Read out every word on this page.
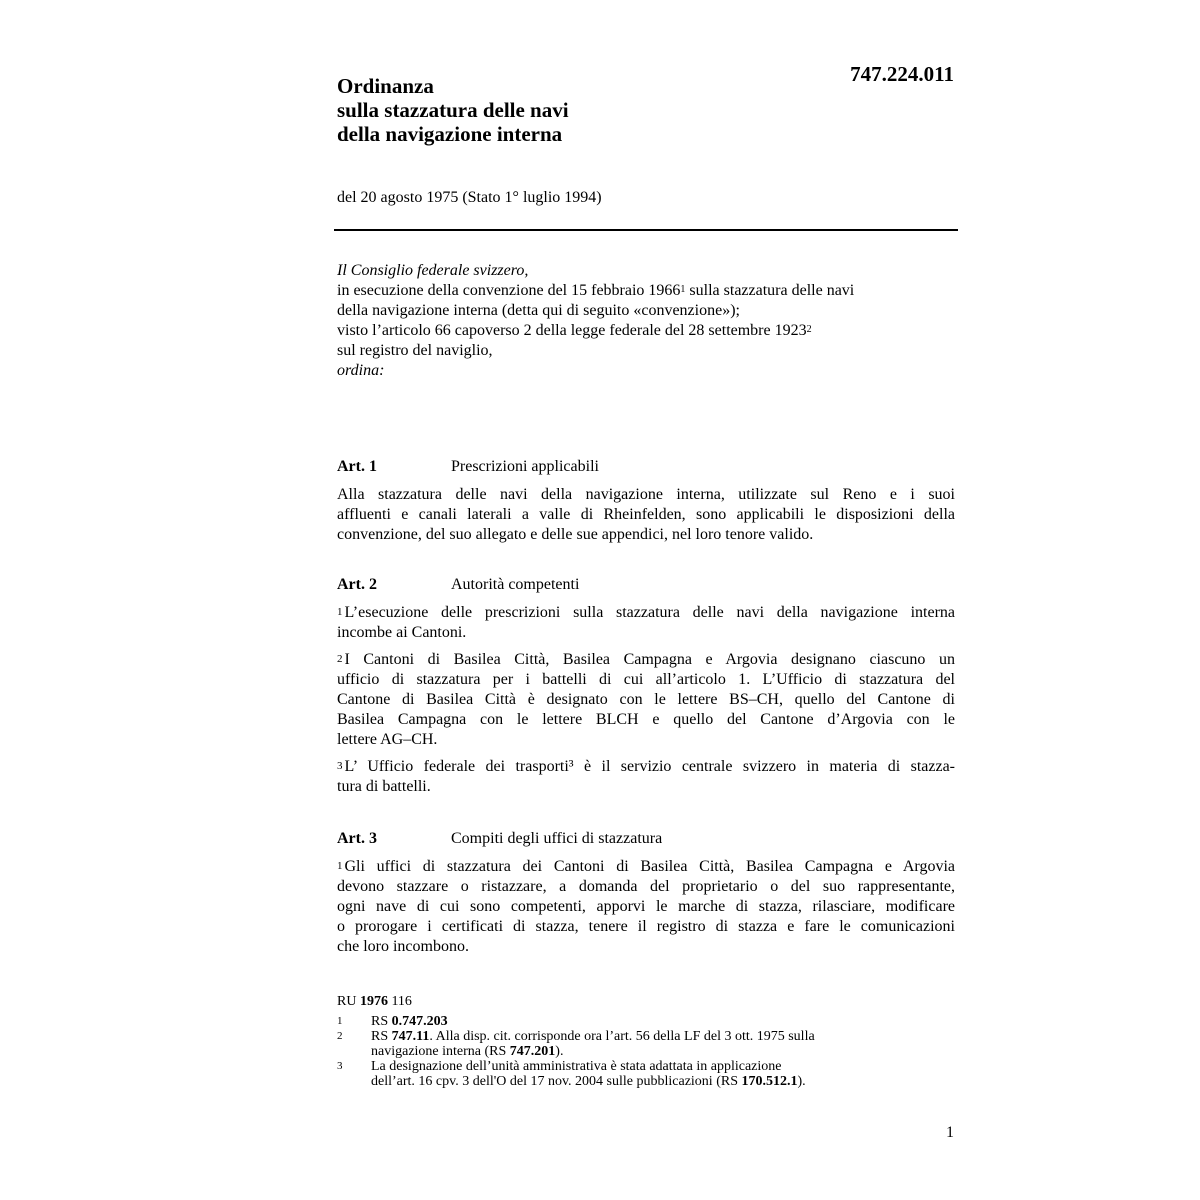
747.224.011
Ordinanza
sulla stazzatura delle navi
della navigazione interna
del 20 agosto 1975 (Stato 1° luglio 1994)
Il Consiglio federale svizzero,
in esecuzione della convenzione del 15 febbraio 1966$^1$ sulla stazzatura delle navi
della navigazione interna (detta qui di seguito «convenzione»);
visto l’articolo 66 capoverso 2 della legge federale del 28 settembre 1923$^2$
sul registro del naviglio,
ordina:
Art. 1	Prescrizioni applicabili
Alla stazzatura delle navi della navigazione interna, utilizzate sul Reno e i suoi
affluenti e canali laterali a valle di Rheinfelden, sono applicabili le disposizioni della
convenzione, del suo allegato e delle sue appendici, nel loro tenore valido.
Art. 2	Autorità competenti
$^1$ L’esecuzione delle prescrizioni sulla stazzatura delle navi della navigazione interna
incombe ai Cantoni.
$^2$ I Cantoni di Basilea Città, Basilea Campagna e Argovia designano ciascuno un
ufficio di stazzatura per i battelli di cui all’articolo 1. L’Ufficio di stazzatura del
Cantone di Basilea Città è designato con le lettere BS–CH, quello del Cantone di
Basilea Campagna con le lettere BLCH e quello del Cantone d’Argovia con le
lettere AG–CH.
$^3$ L’ Ufficio federale dei trasporti³ è il servizio centrale svizzero in materia di stazza-
tura di battelli.
Art. 3	Compiti degli uffici di stazzatura
$^1$ Gli uffici di stazzatura dei Cantoni di Basilea Città, Basilea Campagna e Argovia
devono stazzare o ristazzare, a domanda del proprietario o del suo rappresentante,
ogni nave di cui sono competenti, apporvi le marche di stazza, rilasciare, modificare
o prorogare i certificati di stazza, tenere il registro di stazza e fare le comunicazioni
che loro incombono.
RU 1976 116
1	RS 0.747.203
2	RS 747.11. Alla disp. cit. corrisponde ora l’art. 56 della LF del 3 ott. 1975 sulla
navigazione interna (RS 747.201).
3	La designazione dell’unità amministrativa è stata adattata in applicazione
dell’art. 16 cpv. 3 dell'O del 17 nov. 2004 sulle pubblicazioni (RS 170.512.1).
1
